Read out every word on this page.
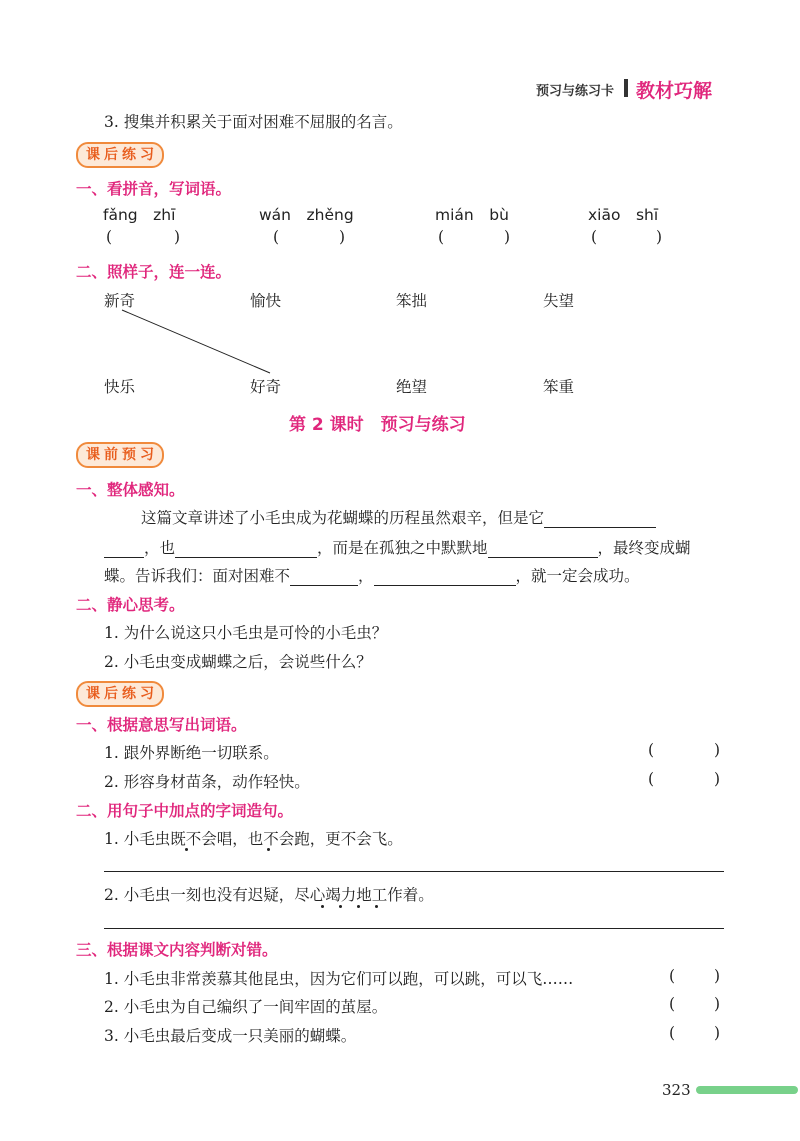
预习与练习卡 教材巧解
3. 搜集并积累关于面对困难不屈服的名言。
课后练习
一、看拼音，写词语。
fǎng　zhī	wán　zhěng	mián　bù	xiāo　shī
(	)	(	)	(	)	(	)
二、照样子，连一连。
新奇	愉快	笨拙	失望
快乐	好奇	绝望	笨重
第 2 课时　预习与练习
课前预习
一、整体感知。
这篇文章讲述了小毛虫成为花蝴蝶的历程虽然艰辛，但是它
，也	，而是在孤独之中默默地	，最终变成蝴
蝶。告诉我们：面对困难不	，	，就一定会成功。
二、静心思考。
1. 为什么说这只小毛虫是可怜的小毛虫？
2. 小毛虫变成蝴蝶之后，会说些什么？
课后练习
一、根据意思写出词语。
1. 跟外界断绝一切联系。	(	)
2. 形容身材苗条，动作轻快。	(	)
二、用句子中加点的字词造句。
1. 小毛虫既不会唱，也不会跑，更不会飞。
2. 小毛虫一刻也没有迟疑，尽心竭力地工作着。
三、根据课文内容判断对错。
1. 小毛虫非常羡慕其他昆虫，因为它们可以跑，可以跳，可以飞……	(	)
2. 小毛虫为自己编织了一间牢固的茧屋。	(	)
3. 小毛虫最后变成一只美丽的蝴蝶。	(	)
323
